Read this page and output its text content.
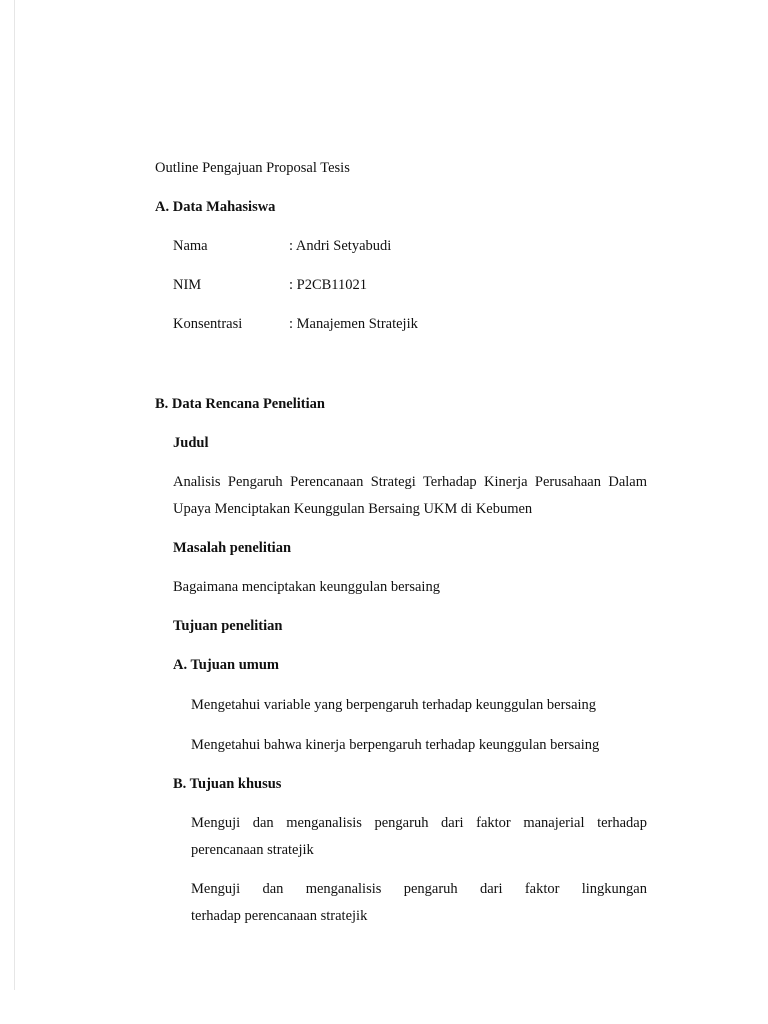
Outline Pengajuan Proposal Tesis
A. Data Mahasiswa
Nama	: Andri Setyabudi
NIM	: P2CB11021
Konsentrasi	: Manajemen Stratejik
B. Data Rencana Penelitian
Judul
Analisis Pengaruh Perencanaan Strategi Terhadap Kinerja Perusahaan Dalam
Upaya Menciptakan Keunggulan Bersaing UKM di Kebumen
Masalah penelitian
Bagaimana menciptakan keunggulan bersaing
Tujuan penelitian
A. Tujuan umum
Mengetahui variable yang berpengaruh terhadap keunggulan bersaing
Mengetahui bahwa kinerja berpengaruh terhadap keunggulan bersaing
B. Tujuan khusus
Menguji dan menganalisis pengaruh dari faktor manajerial terhadap
perencanaan stratejik
Menguji dan menganalisis pengaruh dari faktor lingkungan
terhadap perencanaan stratejik
